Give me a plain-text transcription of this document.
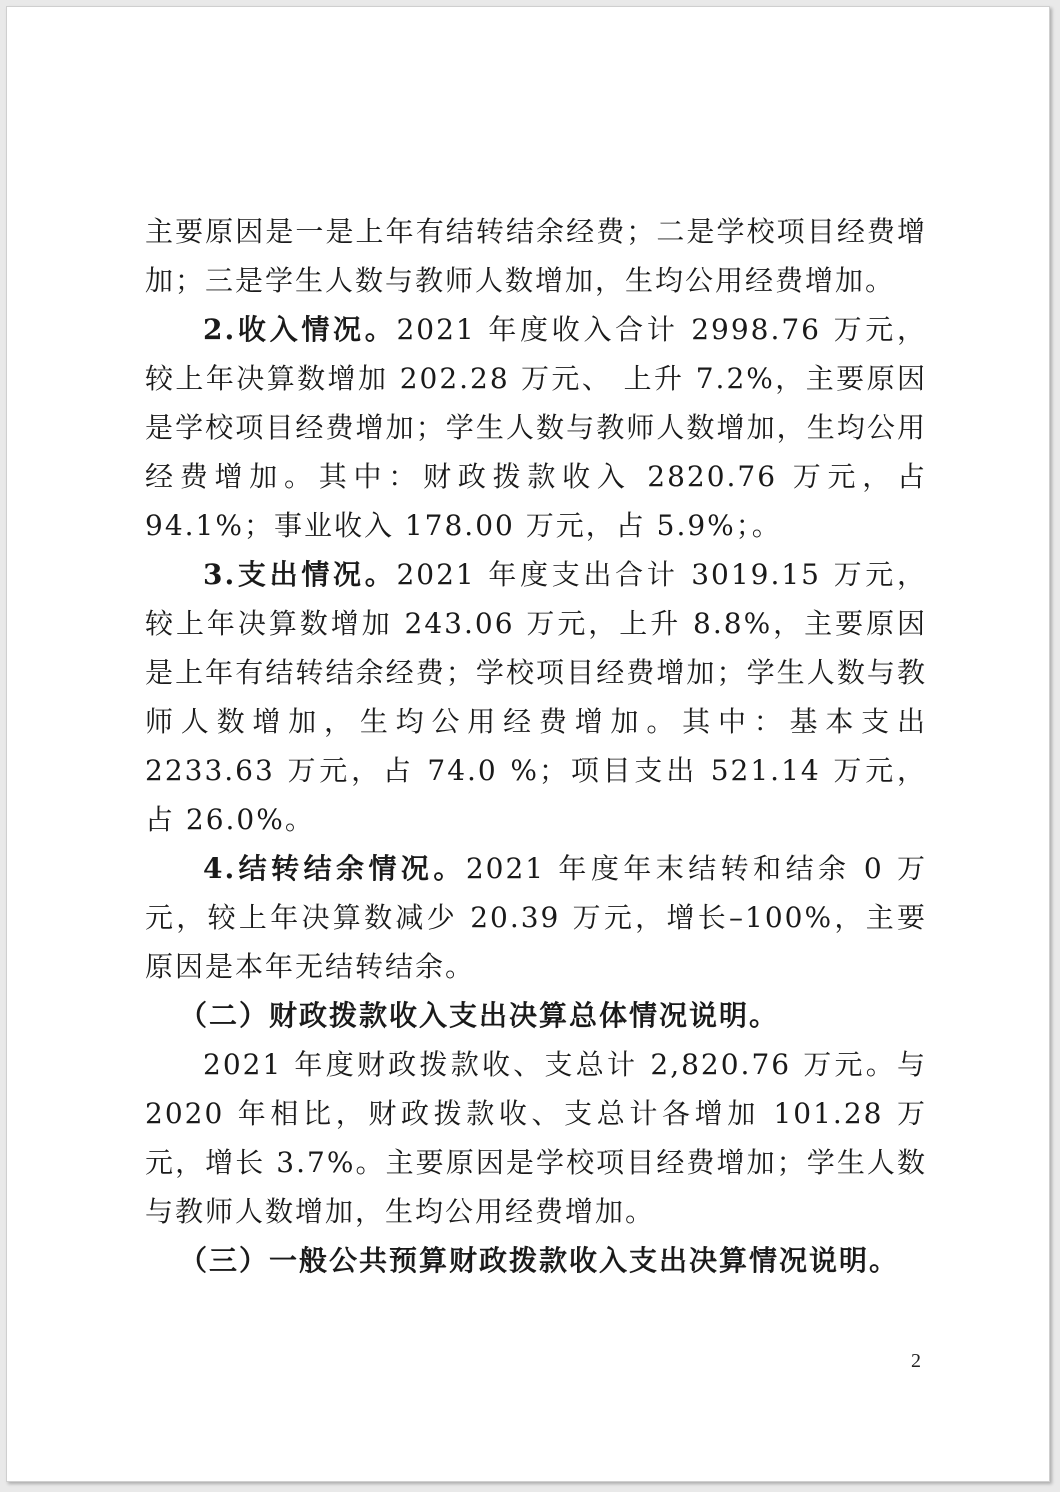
主要原因是一是上年有结转结余经费；二是学校项目经费增加；三是学生人数与教师人数增加，生均公用经费增加。

2.收入情况。2021 年度收入合计 2998.76 万元，较上年决算数增加 202.28 万元、 上升 7.2%，主要原因是学校项目经费增加；学生人数与教师人数增加，生均公用经费增加。其中：财政拨款收入 2820.76 万元，占 94.1%；事业收入 178.00 万元，占 5.9%；。

3.支出情况。2021 年度支出合计 3019.15 万元，较上年决算数增加 243.06 万元，上升 8.8%，主要原因是上年有结转结余经费；学校项目经费增加；学生人数与教师人数增加，生均公用经费增加。其中：基本支出 2233.63 万元，占 74.0 %；项目支出 521.14 万元，占 26.0%。

4.结转结余情况。2021 年度年末结转和结余 0 万元，较上年决算数减少 20.39 万元，增长–100%，主要原因是本年无结转结余。

（二）财政拨款收入支出决算总体情况说明。

2021 年度财政拨款收、支总计 2,820.76 万元。与 2020 年相比，财政拨款收、支总计各增加 101.28 万元，增长 3.7%。主要原因是学校项目经费增加；学生人数与教师人数增加，生均公用经费增加。

（三）一般公共预算财政拨款收入支出决算情况说明。

2
